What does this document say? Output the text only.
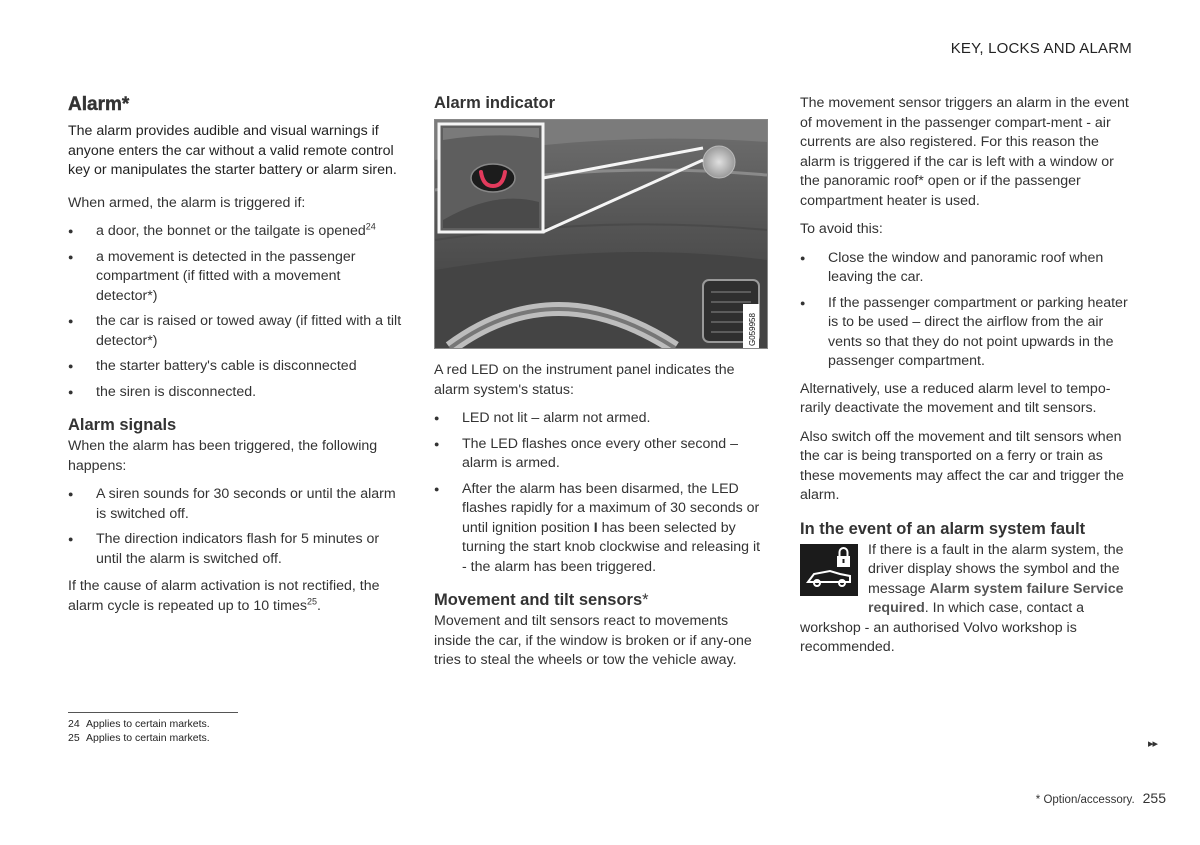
KEY, LOCKS AND ALARM
Alarm*
The alarm provides audible and visual warnings if anyone enters the car without a valid remote control key or manipulates the starter battery or alarm siren.

When armed, the alarm is triggered if:

● a door, the bonnet or the tailgate is opened$^{24}$
● a movement is detected in the passenger compartment (if fitted with a movement detector*)
● the car is raised or towed away (if fitted with a tilt detector*)
● the starter battery's cable is disconnected
● the siren is disconnected.
Alarm signals

When the alarm has been triggered, the following happens:

● A siren sounds for 30 seconds or until the alarm is switched off.
● The direction indicators flash for 5 minutes or until the alarm is switched off.

If the cause of alarm activation is not rectified, the alarm cycle is repeated up to 10 times$^{25}$.

Alarm indicator
G059958

A red LED on the instrument panel indicates the alarm system's status:

● LED not lit – alarm not armed.
● The LED flashes once every other second – alarm is armed.
● After the alarm has been disarmed, the LED flashes rapidly for a maximum of 30 seconds or until ignition position I has been selected by turning the start knob clockwise and releasing it - the alarm has been triggered.
Movement and tilt sensors*

Movement and tilt sensors react to movements inside the car, if the window is broken or if any-one tries to steal the wheels or tow the vehicle away.

The movement sensor triggers an alarm in the event of movement in the passenger compart-ment - air currents are also registered. For this reason the alarm is triggered if the car is left with a window or the panoramic roof* open or if the passenger compartment heater is used.

To avoid this:

● Close the window and panoramic roof when leaving the car.
● If the passenger compartment or parking heater is to be used – direct the airflow from the air vents so that they do not point upwards in the passenger compartment.

Alternatively, use a reduced alarm level to tempo-rarily deactivate the movement and tilt sensors.

Also switch off the movement and tilt sensors when the car is being transported on a ferry or train as these movements may affect the car and trigger the alarm.

In the event of an alarm system fault

If there is a fault in the alarm system, the driver display shows the symbol and the message Alarm system failure Service required. In which case, contact a workshop - an authorised Volvo workshop is recommended.

24 Applies to certain markets.
25 Applies to certain markets.	▸▸
* Option/accessory. 255
